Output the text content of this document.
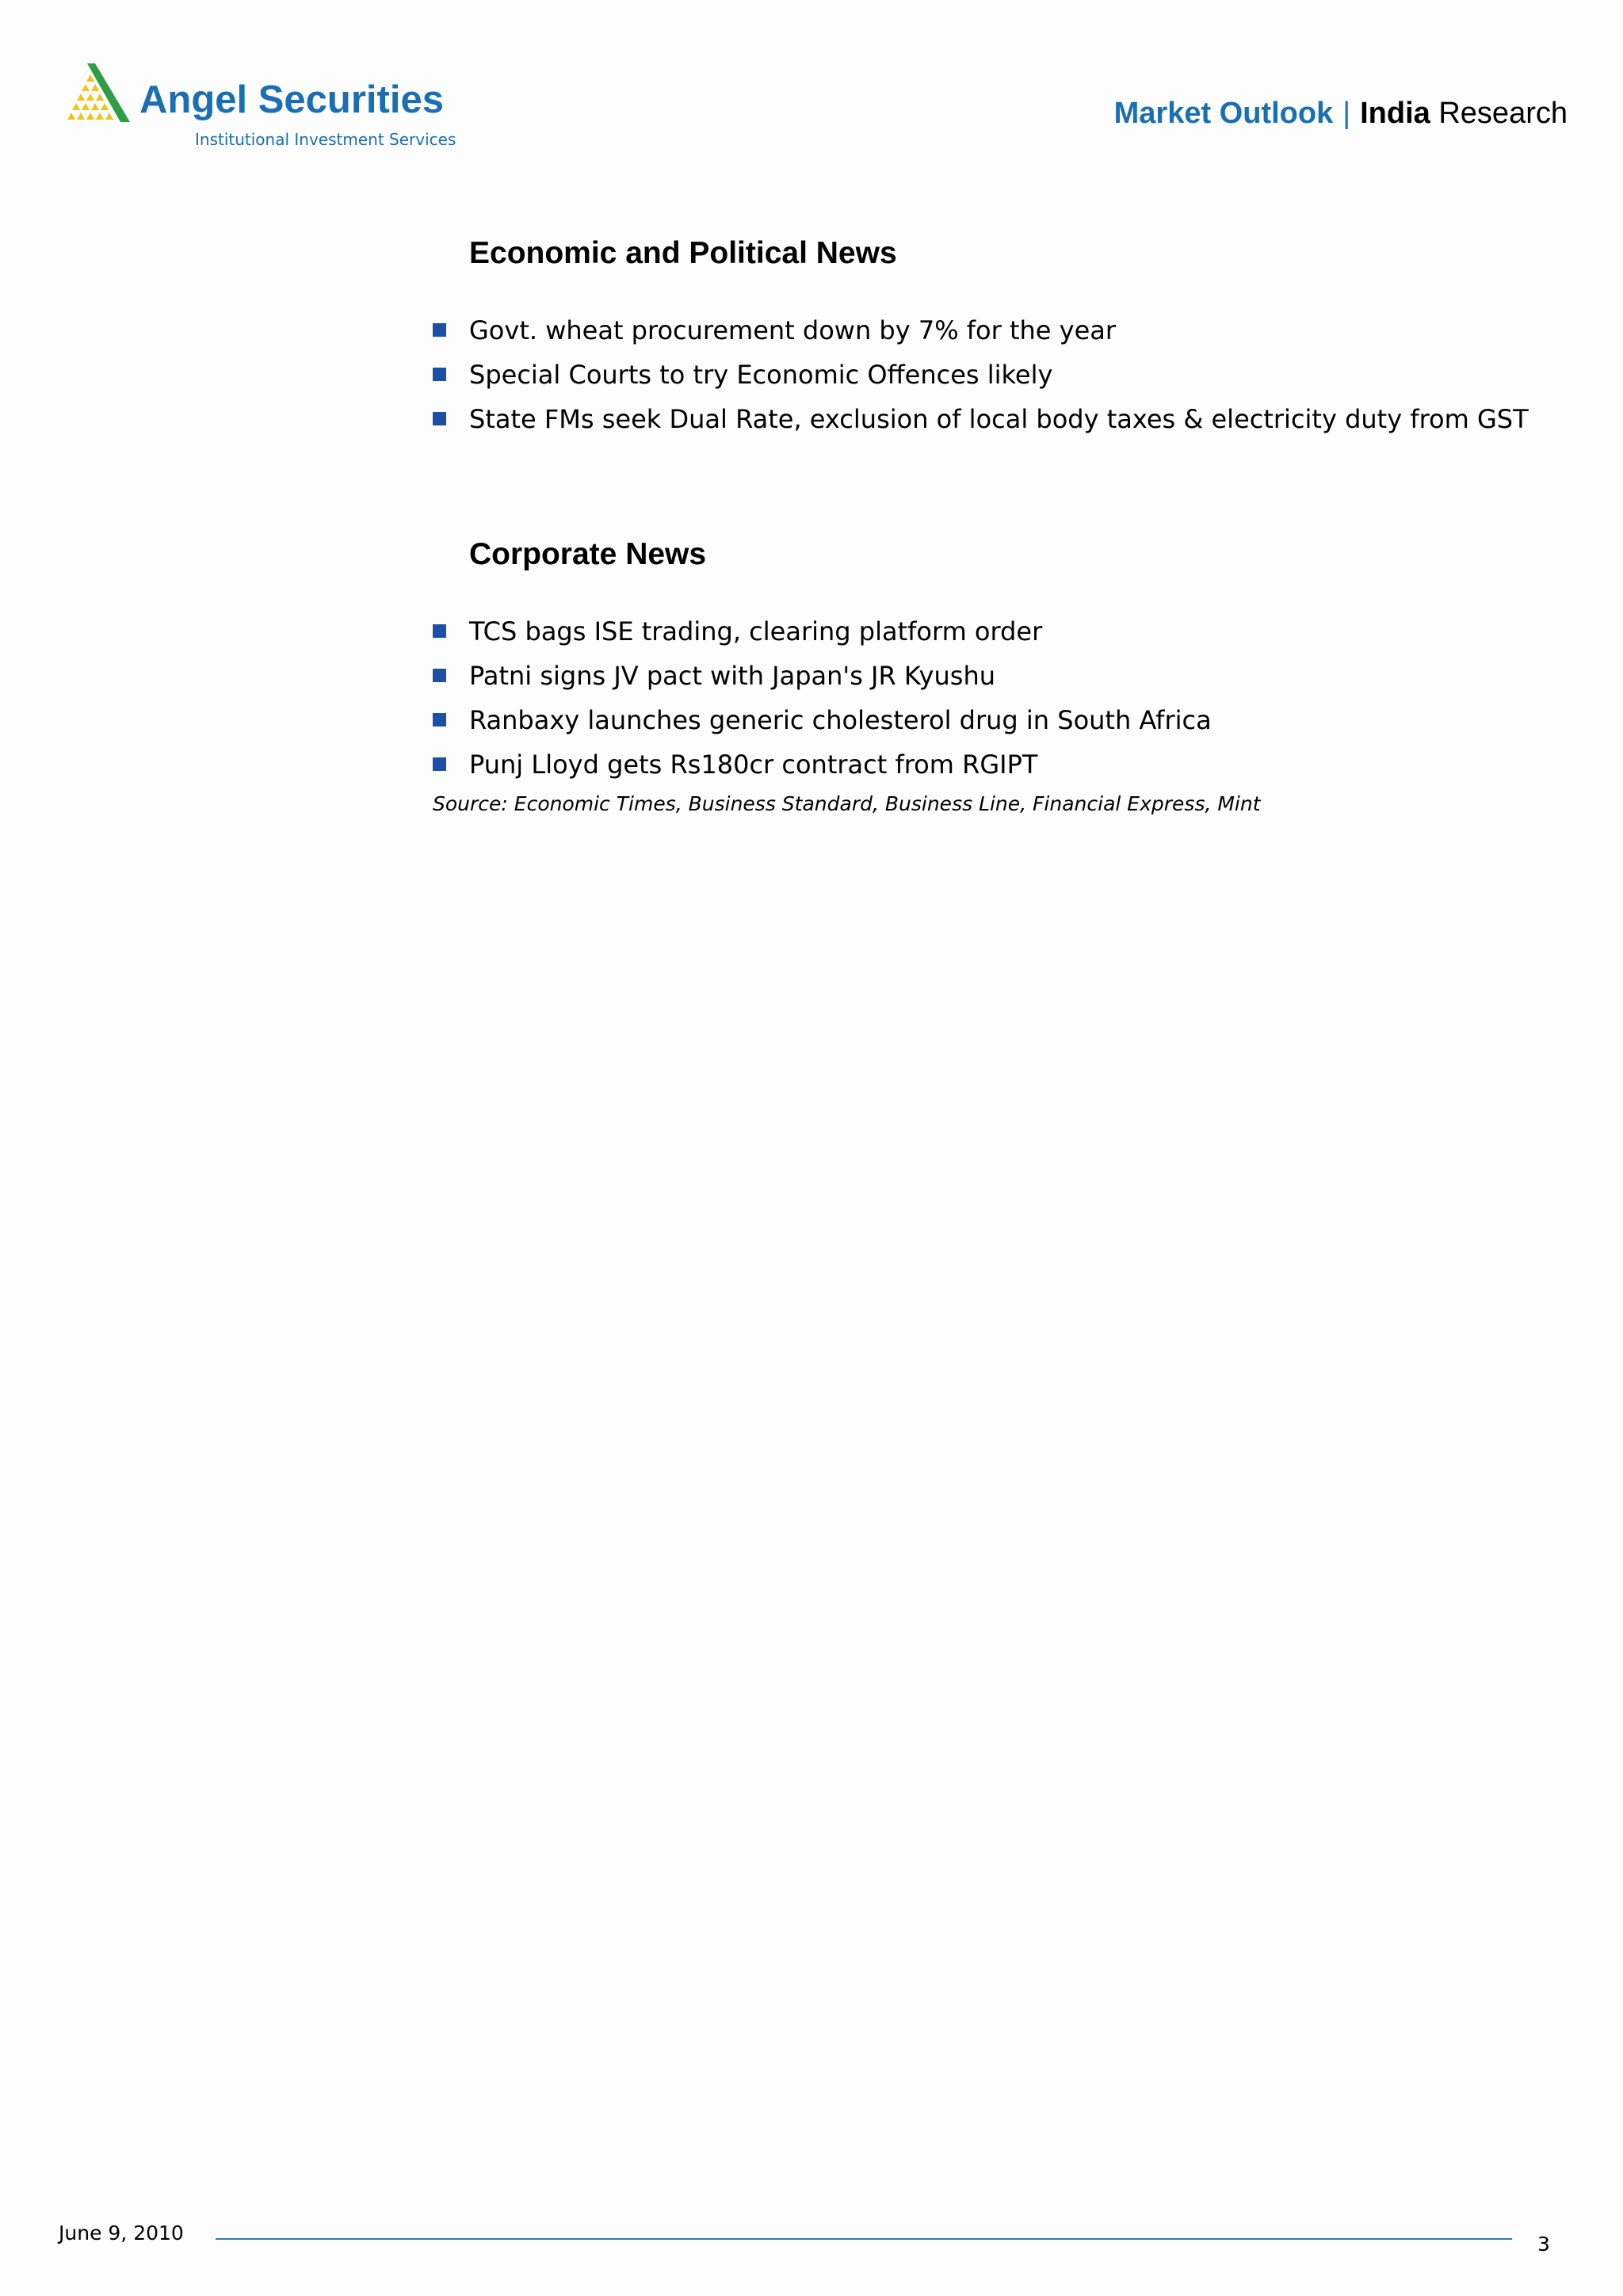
Angel Securities
Institutional Investment Services
Market Outlook | India Research
Economic and Political News
Govt. wheat procurement down by 7% for the year
Special Courts to try Economic Offences likely
State FMs seek Dual Rate, exclusion of local body taxes & electricity duty from GST
Corporate News
TCS bags ISE trading, clearing platform order
Patni signs JV pact with Japan's JR Kyushu
Ranbaxy launches generic cholesterol drug in South Africa
Punj Lloyd gets Rs180cr contract from RGIPT
Source: Economic Times, Business Standard, Business Line, Financial Express, Mint
June 9, 2010	3
